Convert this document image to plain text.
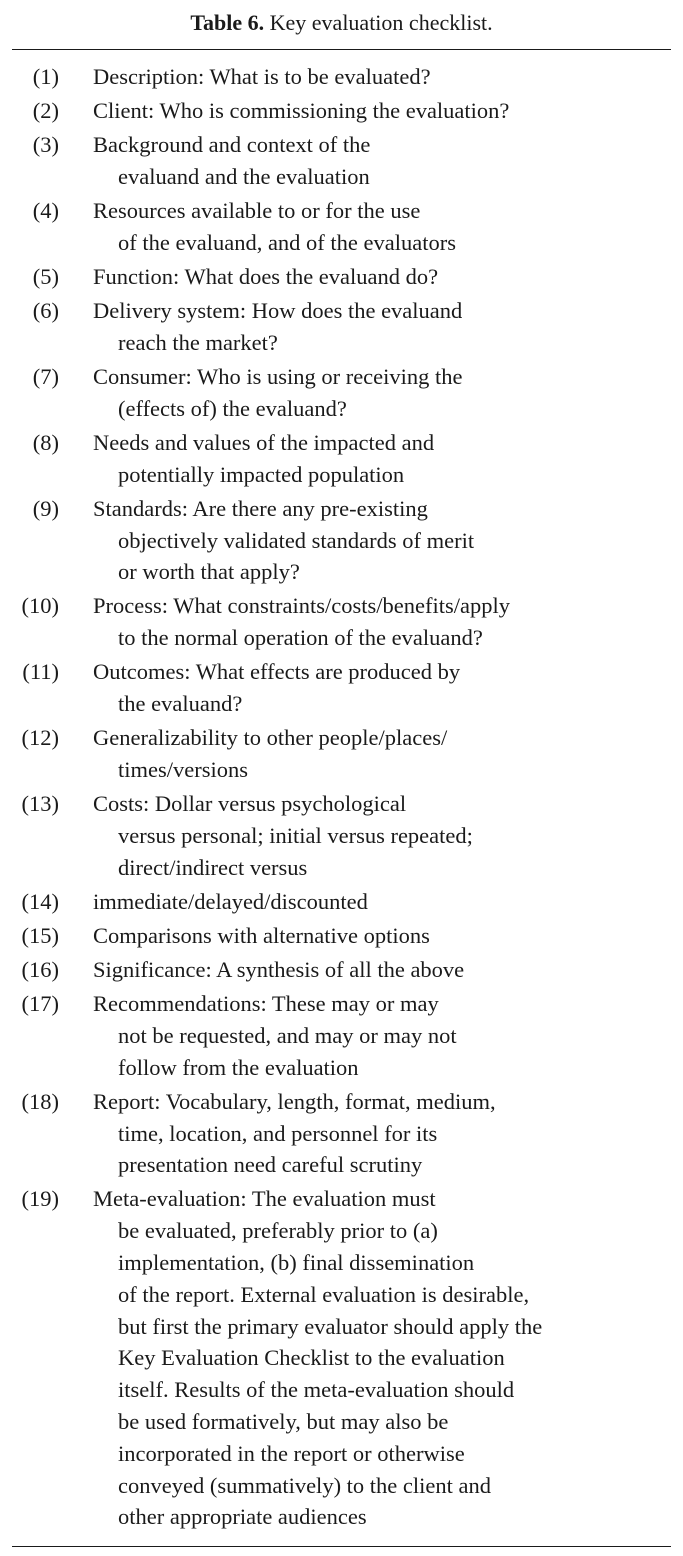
Table 6. Key evaluation checklist.
(1) Description: What is to be evaluated?
(2) Client: Who is commissioning the evaluation?
(3) Background and context of the
evaluand and the evaluation
(4) Resources available to or for the use
of the evaluand, and of the evaluators
(5) Function: What does the evaluand do?
(6) Delivery system: How does the evaluand
reach the market?
(7) Consumer: Who is using or receiving the
(effects of) the evaluand?
(8) Needs and values of the impacted and
potentially impacted population
(9) Standards: Are there any pre-existing
objectively validated standards of merit
or worth that apply?
(10) Process: What constraints/costs/benefits/apply
to the normal operation of the evaluand?
(11) Outcomes: What effects are produced by
the evaluand?
(12) Generalizability to other people/places/
times/versions
(13) Costs: Dollar versus psychological
versus personal; initial versus repeated;
direct/indirect versus
(14) immediate/delayed/discounted
(15) Comparisons with alternative options
(16) Significance: A synthesis of all the above
(17) Recommendations: These may or may
not be requested, and may or may not
follow from the evaluation
(18) Report: Vocabulary, length, format, medium,
time, location, and personnel for its
presentation need careful scrutiny
(19) Meta-evaluation: The evaluation must
be evaluated, preferably prior to (a)
implementation, (b) final dissemination
of the report. External evaluation is desirable,
but first the primary evaluator should apply the
Key Evaluation Checklist to the evaluation
itself. Results of the meta-evaluation should
be used formatively, but may also be
incorporated in the report or otherwise
conveyed (summatively) to the client and
other appropriate audiences
